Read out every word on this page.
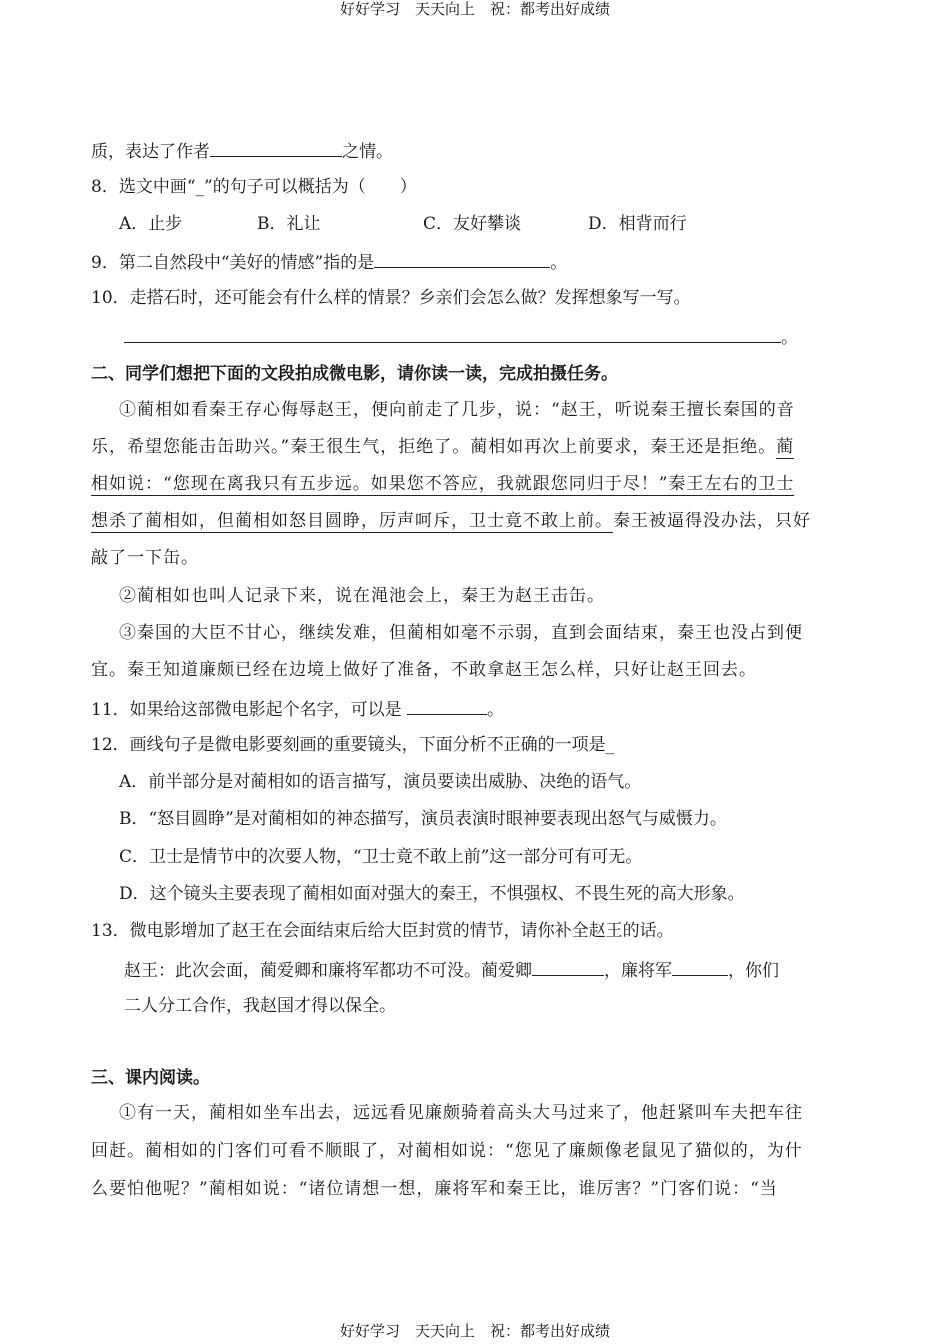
好好学习　天天向上　祝：都考出好成绩
质，表达了作者	之情。
8．选文中画“_”的句子可以概括为（　　）
A．止步	B．礼让	C．友好攀谈	D．相背而行
9．第二自然段中“美好的情感”指的是	。
10．走搭石时，还可能会有什么样的情景？乡亲们会怎么做？发挥想象写一写。
。
二、同学们想把下面的文段拍成微电影，请你读一读，完成拍摄任务。
①蔺相如看秦王存心侮辱赵王，便向前走了几步，说：“赵王，听说秦王擅长秦国的音
乐，希望您能击缶助兴。”秦王很生气，拒绝了。蔺相如再次上前要求，秦王还是拒绝。蔺
相如说：“您现在离我只有五步远。如果您不答应，我就跟您同归于尽！”秦王左右的卫士
想杀了蔺相如，但蔺相如怒目圆睁，厉声呵斥，卫士竟不敢上前。秦王被逼得没办法，只好
敲了一下缶。
②蔺相如也叫人记录下来，说在渑池会上，秦王为赵王击缶。
③秦国的大臣不甘心，继续发难，但蔺相如毫不示弱，直到会面结束，秦王也没占到便
宜。秦王知道廉颇已经在边境上做好了准备，不敢拿赵王怎么样，只好让赵王回去。
11．如果给这部微电影起个名字，可以是	。
12．画线句子是微电影要刻画的重要镜头，下面分析不正确的一项是_
A．前半部分是对蔺相如的语言描写，演员要读出威胁、决绝的语气。
B．“怒目圆睁”是对蔺相如的神态描写，演员表演时眼神要表现出怒气与威慑力。
C．卫士是情节中的次要人物，“卫士竟不敢上前”这一部分可有可无。
D．这个镜头主要表现了蔺相如面对强大的秦王，不惧强权、不畏生死的高大形象。
13．微电影增加了赵王在会面结束后给大臣封赏的情节，请你补全赵王的话。
赵王：此次会面，蔺爱卿和廉将军都功不可没。蔺爱卿	，廉将军	，你们
二人分工合作，我赵国才得以保全。
三、课内阅读。
①有一天，蔺相如坐车出去，远远看见廉颇骑着高头大马过来了，他赶紧叫车夫把车往
回赶。蔺相如的门客们可看不顺眼了，对蔺相如说：“您见了廉颇像老鼠见了猫似的，为什
么要怕他呢？”蔺相如说：“诸位请想一想，廉将军和秦王比，谁厉害？”门客们说：“当
好好学习　天天向上　祝：都考出好成绩
